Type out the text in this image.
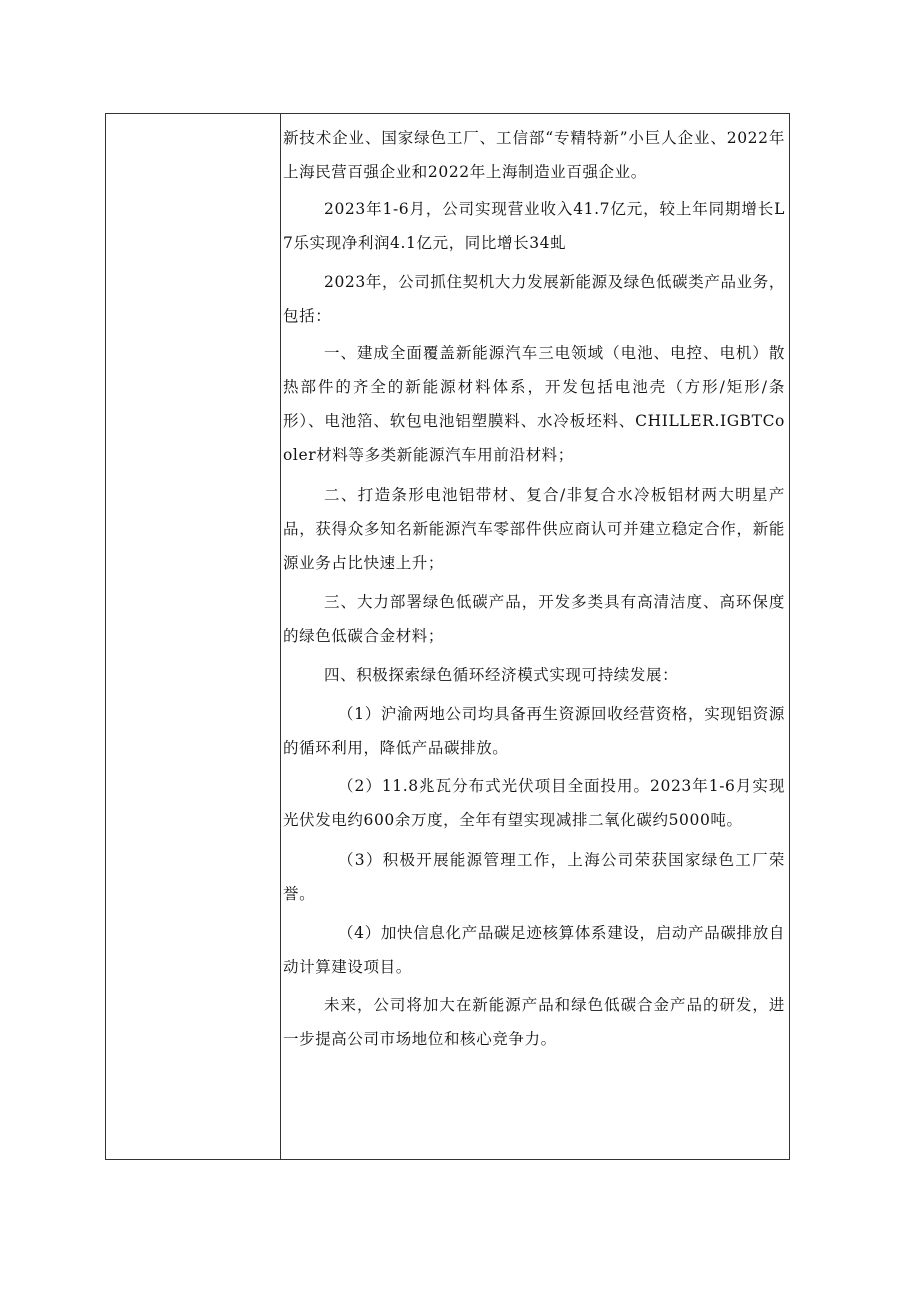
新技术企业、国家绿色工厂、工信部“专精特新”小巨人企业、2022年上海民营百强企业和2022年上海制造业百强企业。

2023年1-6月，公司实现营业收入41.7亿元，较上年同期增长L7乐实现净利润4.1亿元，同比增长34虬

2023年，公司抓住契机大力发展新能源及绿色低碳类产品业务，包括：

一、建成全面覆盖新能源汽车三电领域（电池、电控、电机）散热部件的齐全的新能源材料体系，开发包括电池壳（方形/矩形/条形）、电池箔、软包电池铝塑膜料、水冷板坯料、CHILLER.IGBTCooler材料等多类新能源汽车用前沿材料；

二、打造条形电池铝带材、复合/非复合水冷板铝材两大明星产品，获得众多知名新能源汽车零部件供应商认可并建立稳定合作，新能源业务占比快速上升；

三、大力部署绿色低碳产品，开发多类具有高清洁度、高环保度的绿色低碳合金材料；

四、积极探索绿色循环经济模式实现可持续发展：

（1）沪渝两地公司均具备再生资源回收经营资格，实现铝资源的循环利用，降低产品碳排放。

（2）11.8兆瓦分布式光伏项目全面投用。2023年1-6月实现光伏发电约600余万度，全年有望实现减排二氧化碳约5000吨。

（3）积极开展能源管理工作，上海公司荣获国家绿色工厂荣誉。

（4）加快信息化产品碳足迹核算体系建设，启动产品碳排放自动计算建设项目。

未来，公司将加大在新能源产品和绿色低碳合金产品的研发，进一步提高公司市场地位和核心竞争力。
